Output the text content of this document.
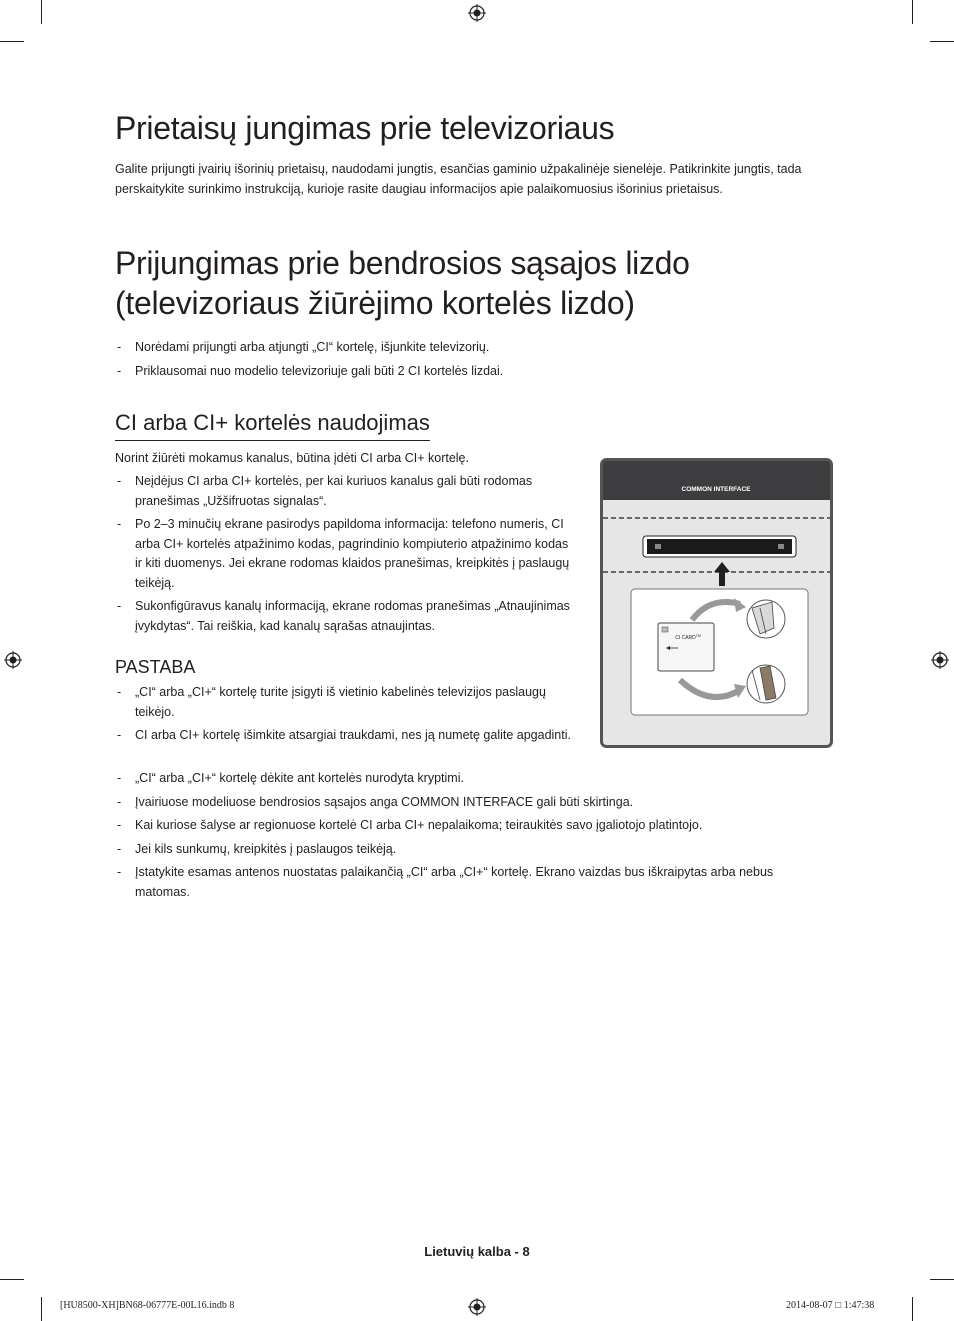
Prietaisų jungimas prie televizoriaus
Galite prijungti įvairių išorinių prietaisų, naudodami jungtis, esančias gaminio užpakalinėje sienelėje. Patikrinkite jungtis, tada perskaitykite surinkimo instrukciją, kurioje rasite daugiau informacijos apie palaikomuosius išorinius prietaisus.
Prijungimas prie bendrosios sąsajos lizdo
(televizoriaus žiūrėjimo kortelės lizdo)
- Norėdami prijungti arba atjungti „CI“ kortelę, išjunkite televizorių.
- Priklausomai nuo modelio televizoriuje gali būti 2 CI kortelės lizdai.
CI arba CI+ kortelės naudojimas

Norint žiūrėti mokamus kanalus, būtina įdėti CI arba CI+ kortelę.

- Neįdėjus CI arba CI+ kortelės, per kai kuriuos kanalus gali būti rodomas pranešimas „Užšifruotas signalas“.
- Po 2–3 minučių ekrane pasirodys papildoma informacija: telefono numeris, CI arba CI+ kortelės atpažinimo kodas, pagrindinio kompiuterio atpažinimo kodas ir kiti duomenys. Jei ekrane rodomas klaidos pranešimas, kreipkitės į paslaugų teikėją.
- Sukonfigūravus kanalų informaciją, ekrane rodomas pranešimas „Atnaujinimas įvykdytas“. Tai reiškia, kad kanalų sąrašas atnaujintas.
PASTABA
- „CI“ arba „CI+“ kortelę turite įsigyti iš vietinio kabelinės televizijos paslaugų teikėjo.
- CI arba CI+ kortelę išimkite atsargiai traukdami, nes ją numetę galite apgadinti.
- „CI“ arba „CI+“ kortelę dėkite ant kortelės nurodyta kryptimi.
- Įvairiuose modeliuose bendrosios sąsajos anga COMMON INTERFACE gali būti skirtinga.
- Kai kuriose šalyse ar regionuose kortelė CI arba CI+ nepalaikoma; teiraukitės savo įgaliotojo platintojo.
- Jei kils sunkumų, kreipkitės į paslaugos teikėją.
- Įstatykite esamas antenos nuostatas palaikančią „CI“ arba „CI+“ kortelę. Ekrano vaizdas bus iškraipytas arba nebus matomas.
COMMON INTERFACE
CI CARD™
Lietuvių kalba - 8
[HU8500-XH]BN68-06777E-00L16.indb 8	2014-08-07 □ 1:47:38
